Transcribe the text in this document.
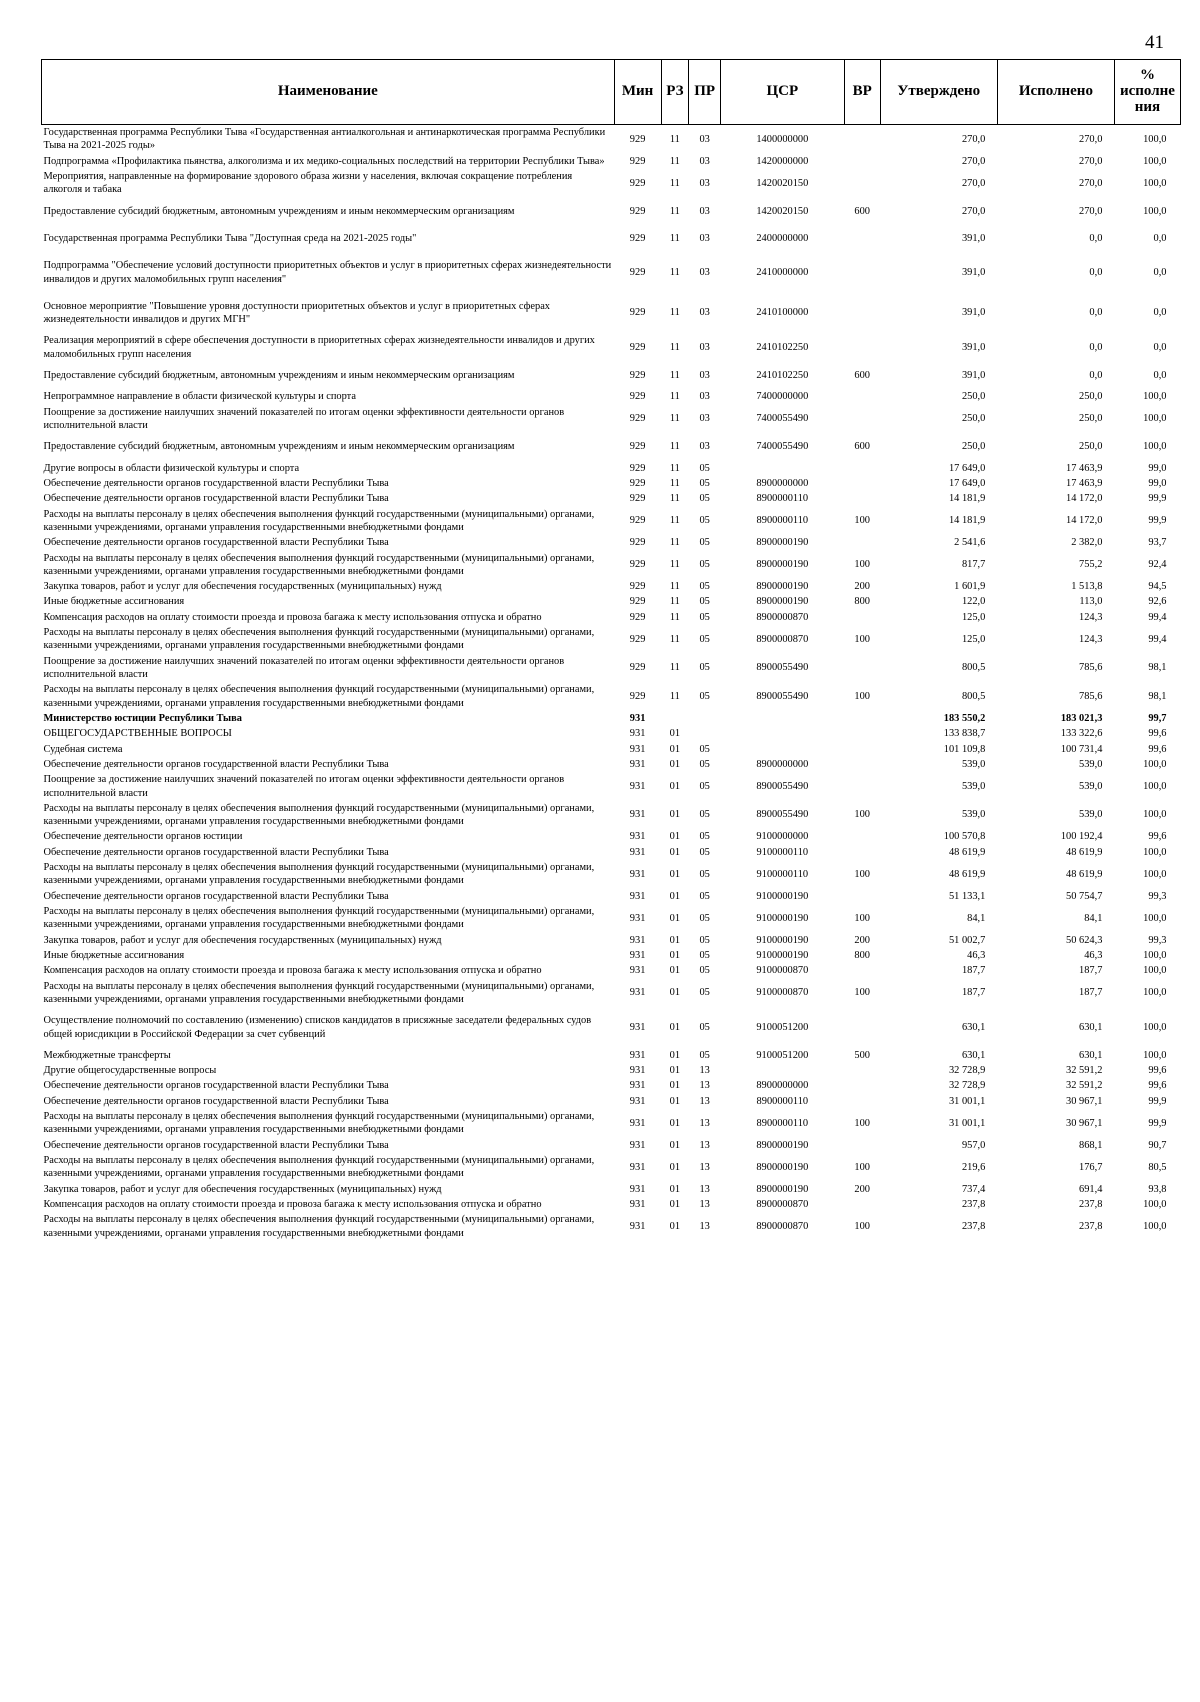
41
Наименование	Мин	РЗ	ПР	ЦСР	ВР	Утверждено	Исполнено	% исполне ния
Государственная программа Республики Тыва «Государственная антиалкогольная и антинаркотическая программа Республики Тыва на 2021-2025 годы»	929	11	03	1400000000		270,0	270,0	100,0
Подпрограмма «Профилактика пьянства, алкоголизма и их медико-социальных последствий на территории Республики Тыва»	929	11	03	1420000000		270,0	270,0	100,0
Мероприятия, направленные на формирование здорового образа жизни у населения, включая сокращение потребления алкоголя и табака	929	11	03	1420020150		270,0	270,0	100,0
Предоставление субсидий бюджетным, автономным учреждениям и иным некоммерческим организациям	929	11	03	1420020150	600	270,0	270,0	100,0
Государственная программа Республики Тыва "Доступная среда на 2021-2025 годы"	929	11	03	2400000000		391,0	0,0	0,0
Подпрограмма "Обеспечение условий доступности приоритетных объектов и услуг в приоритетных сферах жизнедеятельности инвалидов и других маломобильных групп населения"	929	11	03	2410000000		391,0	0,0	0,0
Основное мероприятие "Повышение уровня доступности приоритетных объектов и услуг в приоритетных сферах жизнедеятельности инвалидов и других МГН"	929	11	03	2410100000		391,0	0,0	0,0
Реализация мероприятий в сфере обеспечения доступности в приоритетных сферах жизнедеятельности инвалидов и других маломобильных групп населения	929	11	03	2410102250		391,0	0,0	0,0
Предоставление субсидий бюджетным, автономным учреждениям и иным некоммерческим организациям	929	11	03	2410102250	600	391,0	0,0	0,0
Непрограммное направление в области физической культуры и спорта	929	11	03	7400000000		250,0	250,0	100,0
Поощрение за достижение наилучших значений показателей по итогам оценки эффективности деятельности органов исполнительной власти	929	11	03	7400055490		250,0	250,0	100,0
Предоставление субсидий бюджетным, автономным учреждениям и иным некоммерческим организациям	929	11	03	7400055490	600	250,0	250,0	100,0
Другие вопросы в области физической культуры и спорта	929	11	05			17 649,0	17 463,9	99,0
Обеспечение деятельности органов государственной власти Республики Тыва	929	11	05	8900000000		17 649,0	17 463,9	99,0
Обеспечение деятельности органов государственной власти Республики Тыва	929	11	05	8900000110		14 181,9	14 172,0	99,9
Расходы на выплаты персоналу в целях обеспечения выполнения функций государственными (муниципальными) органами, казенными учреждениями, органами управления государственными внебюджетными фондами	929	11	05	8900000110	100	14 181,9	14 172,0	99,9
Обеспечение деятельности органов государственной власти Республики Тыва	929	11	05	8900000190		2 541,6	2 382,0	93,7
Расходы на выплаты персоналу в целях обеспечения выполнения функций государственными (муниципальными) органами, казенными учреждениями, органами управления государственными внебюджетными фондами	929	11	05	8900000190	100	817,7	755,2	92,4
Закупка товаров, работ и услуг для обеспечения государственных (муниципальных) нужд	929	11	05	8900000190	200	1 601,9	1 513,8	94,5
Иные бюджетные ассигнования	929	11	05	8900000190	800	122,0	113,0	92,6
Компенсация расходов на оплату стоимости проезда и провоза багажа к месту использования отпуска и обратно	929	11	05	8900000870		125,0	124,3	99,4
Расходы на выплаты персоналу в целях обеспечения выполнения функций государственными (муниципальными) органами, казенными учреждениями, органами управления государственными внебюджетными фондами	929	11	05	8900000870	100	125,0	124,3	99,4
Поощрение за достижение наилучших значений показателей по итогам оценки эффективности деятельности органов исполнительной власти	929	11	05	8900055490		800,5	785,6	98,1
Расходы на выплаты персоналу в целях обеспечения выполнения функций государственными (муниципальными) органами, казенными учреждениями, органами управления государственными внебюджетными фондами	929	11	05	8900055490	100	800,5	785,6	98,1
Министерство юстиции Республики Тыва	931					183 550,2	183 021,3	99,7
ОБЩЕГОСУДАРСТВЕННЫЕ ВОПРОСЫ	931	01				133 838,7	133 322,6	99,6
Судебная система	931	01	05			101 109,8	100 731,4	99,6
Обеспечение деятельности органов государственной власти Республики Тыва	931	01	05	8900000000		539,0	539,0	100,0
Поощрение за достижение наилучших значений показателей по итогам оценки эффективности деятельности органов исполнительной власти	931	01	05	8900055490		539,0	539,0	100,0
Расходы на выплаты персоналу в целях обеспечения выполнения функций государственными (муниципальными) органами, казенными учреждениями, органами управления государственными внебюджетными фондами	931	01	05	8900055490	100	539,0	539,0	100,0
Обеспечение деятельности органов юстиции	931	01	05	9100000000		100 570,8	100 192,4	99,6
Обеспечение деятельности органов государственной власти Республики Тыва	931	01	05	9100000110		48 619,9	48 619,9	100,0
Расходы на выплаты персоналу в целях обеспечения выполнения функций государственными (муниципальными) органами, казенными учреждениями, органами управления государственными внебюджетными фондами	931	01	05	9100000110	100	48 619,9	48 619,9	100,0
Обеспечение деятельности органов государственной власти Республики Тыва	931	01	05	9100000190		51 133,1	50 754,7	99,3
Расходы на выплаты персоналу в целях обеспечения выполнения функций государственными (муниципальными) органами, казенными учреждениями, органами управления государственными внебюджетными фондами	931	01	05	9100000190	100	84,1	84,1	100,0
Закупка товаров, работ и услуг для обеспечения государственных (муниципальных) нужд	931	01	05	9100000190	200	51 002,7	50 624,3	99,3
Иные бюджетные ассигнования	931	01	05	9100000190	800	46,3	46,3	100,0
Компенсация расходов на оплату стоимости проезда и провоза багажа к месту использования отпуска и обратно	931	01	05	9100000870		187,7	187,7	100,0
Расходы на выплаты персоналу в целях обеспечения выполнения функций государственными (муниципальными) органами, казенными учреждениями, органами управления государственными внебюджетными фондами	931	01	05	9100000870	100	187,7	187,7	100,0
Осуществление полномочий по составлению (изменению) списков кандидатов в присяжные заседатели федеральных судов общей юрисдикции в Российской Федерации за счет субвенций	931	01	05	9100051200		630,1	630,1	100,0
Межбюджетные трансферты	931	01	05	9100051200	500	630,1	630,1	100,0
Другие общегосударственные вопросы	931	01	13			32 728,9	32 591,2	99,6
Обеспечение деятельности органов государственной власти Республики Тыва	931	01	13	8900000000		32 728,9	32 591,2	99,6
Обеспечение деятельности органов государственной власти Республики Тыва	931	01	13	8900000110		31 001,1	30 967,1	99,9
Расходы на выплаты персоналу в целях обеспечения выполнения функций государственными (муниципальными) органами, казенными учреждениями, органами управления государственными внебюджетными фондами	931	01	13	8900000110	100	31 001,1	30 967,1	99,9
Обеспечение деятельности органов государственной власти Республики Тыва	931	01	13	8900000190		957,0	868,1	90,7
Расходы на выплаты персоналу в целях обеспечения выполнения функций государственными (муниципальными) органами, казенными учреждениями, органами управления государственными внебюджетными фондами	931	01	13	8900000190	100	219,6	176,7	80,5
Закупка товаров, работ и услуг для обеспечения государственных (муниципальных) нужд	931	01	13	8900000190	200	737,4	691,4	93,8
Компенсация расходов на оплату стоимости проезда и провоза багажа к месту использования отпуска и обратно	931	01	13	8900000870		237,8	237,8	100,0
Расходы на выплаты персоналу в целях обеспечения выполнения функций государственными (муниципальными) органами, казенными учреждениями, органами управления государственными внебюджетными фондами	931	01	13	8900000870	100	237,8	237,8	100,0
